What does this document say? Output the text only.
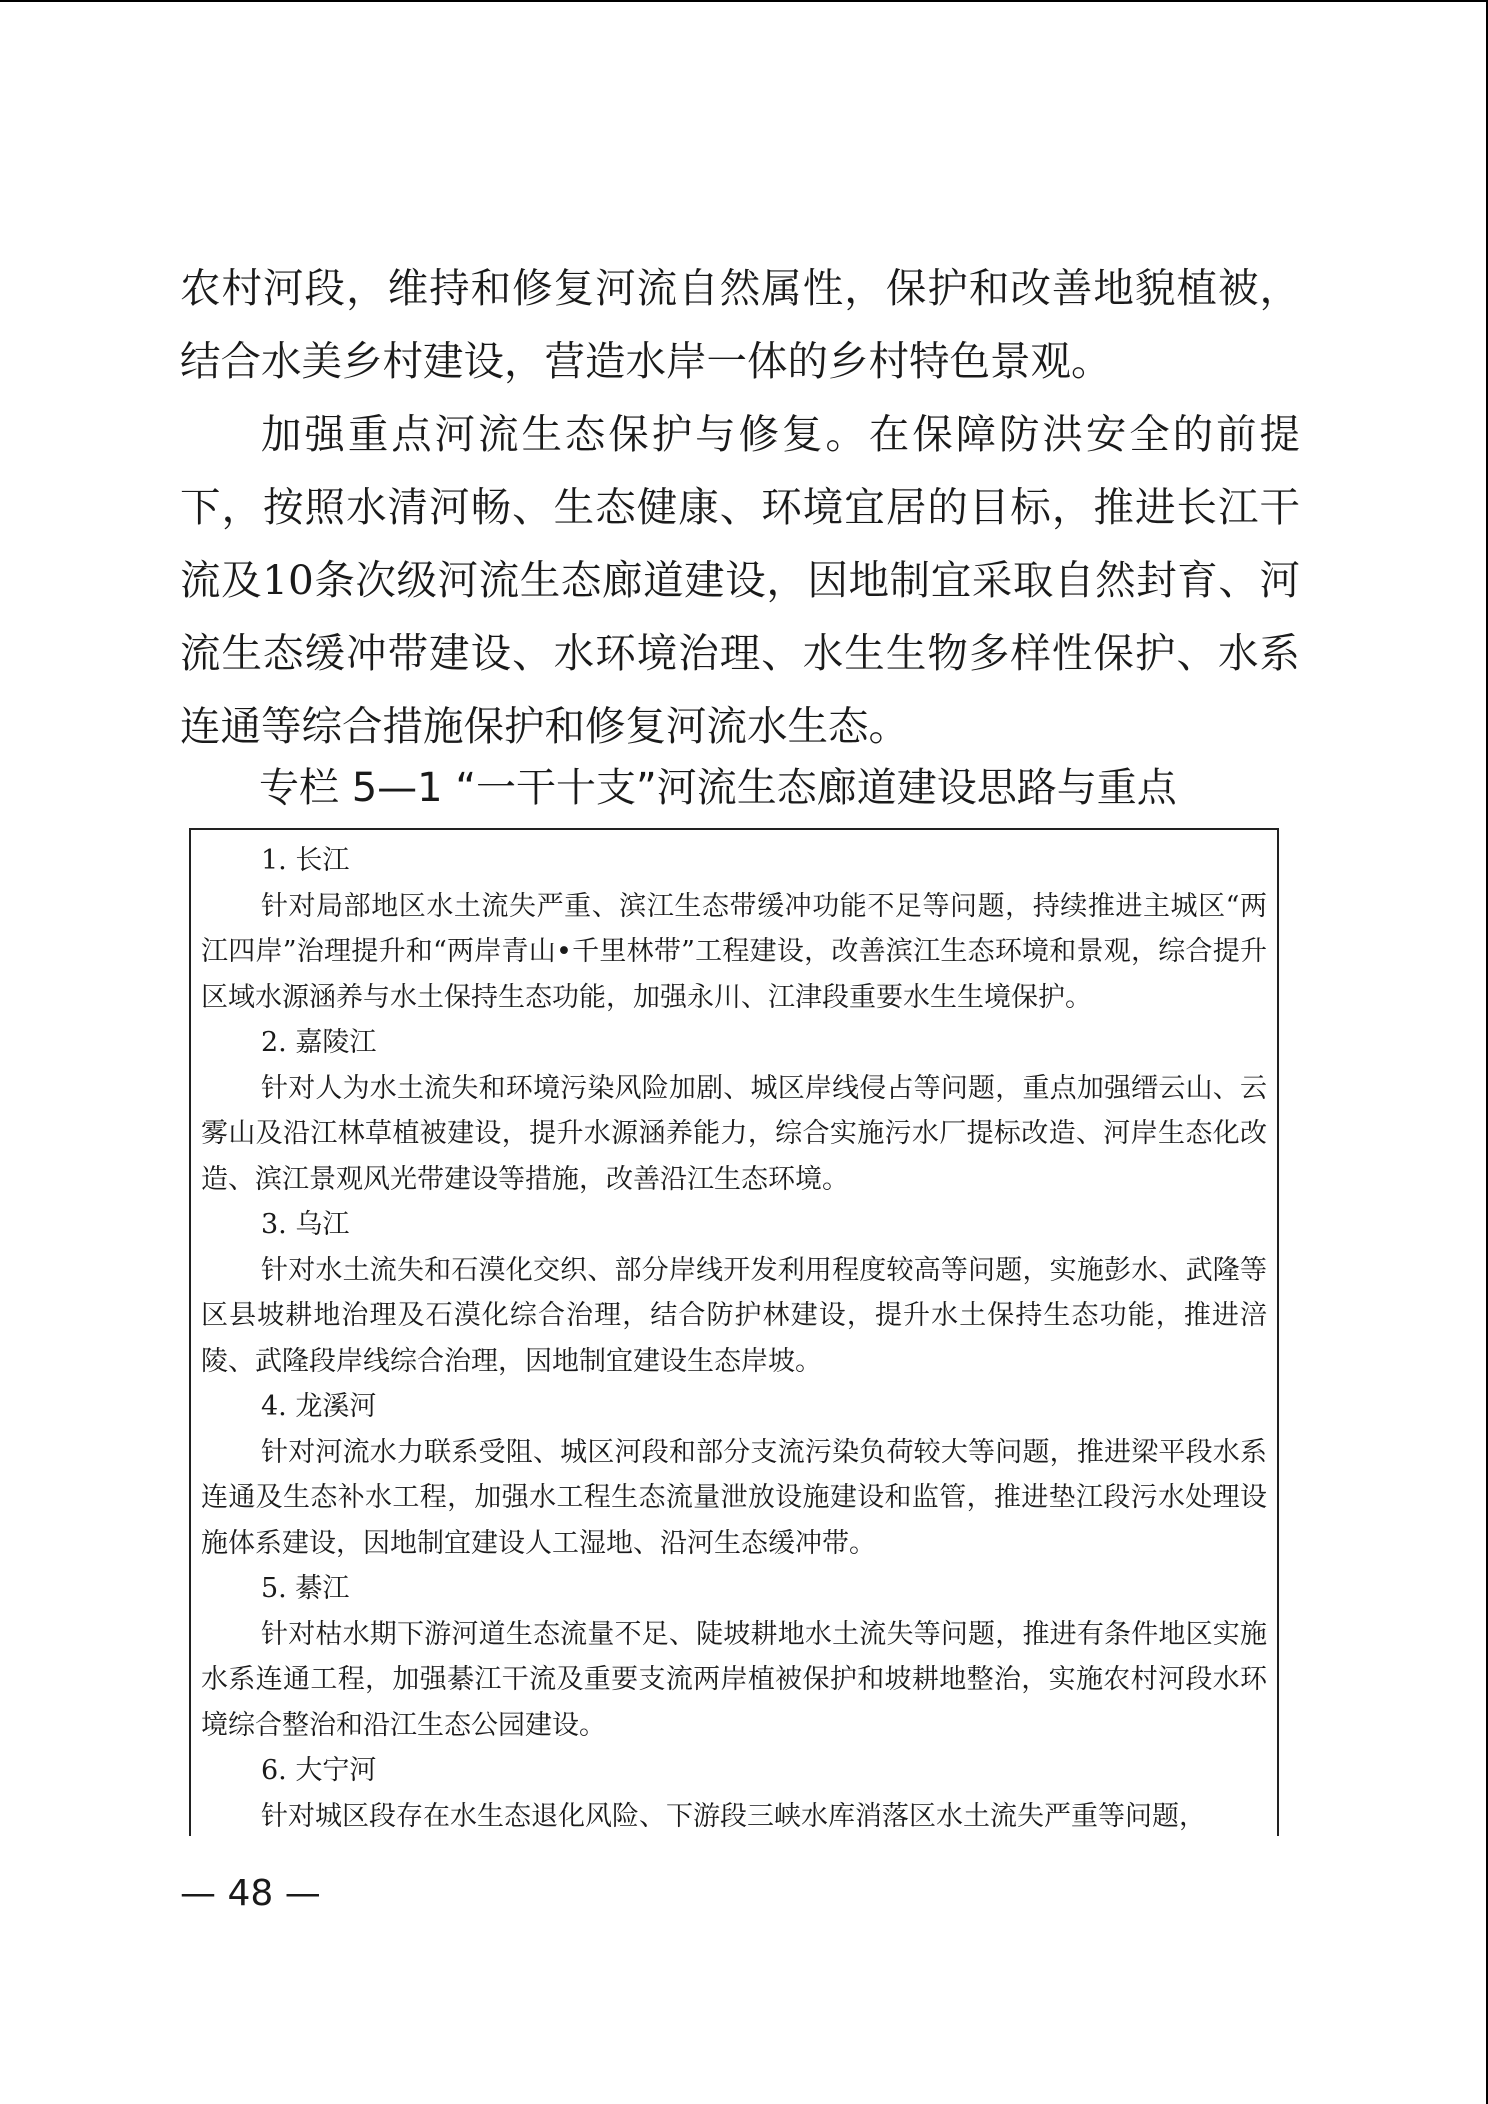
农村河段，维持和修复河流自然属性，保护和改善地貌植被，结合水美乡村建设，营造水岸一体的乡村特色景观。

加强重点河流生态保护与修复。在保障防洪安全的前提下，按照水清河畅、生态健康、环境宜居的目标，推进长江干流及10条次级河流生态廊道建设，因地制宜采取自然封育、河流生态缓冲带建设、水环境治理、水生生物多样性保护、水系连通等综合措施保护和修复河流水生态。

专栏 5—1 “一干十支”河流生态廊道建设思路与重点

1. 长江

针对局部地区水土流失严重、滨江生态带缓冲功能不足等问题，持续推进主城区“两江四岸”治理提升和“两岸青山•千里林带”工程建设，改善滨江生态环境和景观，综合提升区域水源涵养与水土保持生态功能，加强永川、江津段重要水生生境保护。

2. 嘉陵江

针对人为水土流失和环境污染风险加剧、城区岸线侵占等问题，重点加强缙云山、云雾山及沿江林草植被建设，提升水源涵养能力，综合实施污水厂提标改造、河岸生态化改造、滨江景观风光带建设等措施，改善沿江生态环境。

3. 乌江

针对水土流失和石漠化交织、部分岸线开发利用程度较高等问题，实施彭水、武隆等区县坡耕地治理及石漠化综合治理，结合防护林建设，提升水土保持生态功能，推进涪陵、武隆段岸线综合治理，因地制宜建设生态岸坡。

4. 龙溪河

针对河流水力联系受阻、城区河段和部分支流污染负荷较大等问题，推进梁平段水系连通及生态补水工程，加强水工程生态流量泄放设施建设和监管，推进垫江段污水处理设施体系建设，因地制宜建设人工湿地、沿河生态缓冲带。

5. 綦江

针对枯水期下游河道生态流量不足、陡坡耕地水土流失等问题，推进有条件地区实施水系连通工程，加强綦江干流及重要支流两岸植被保护和坡耕地整治，实施农村河段水环境综合整治和沿江生态公园建设。

6. 大宁河

针对城区段存在水生态退化风险、下游段三峡水库消落区水土流失严重等问题，

— 48 —
